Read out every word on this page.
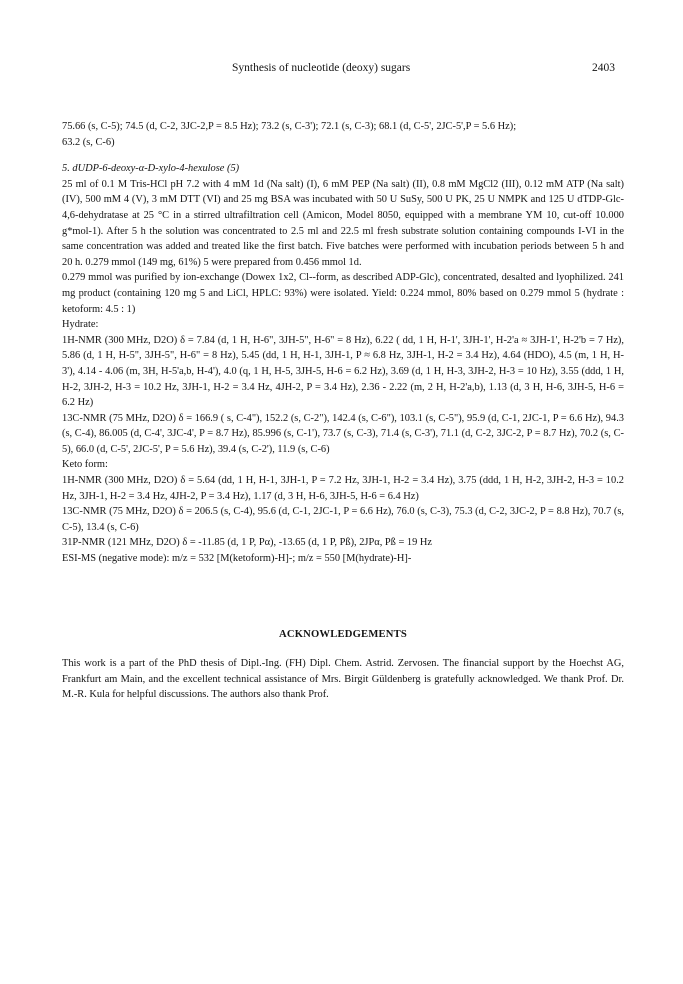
Synthesis of nucleotide (deoxy) sugars	2403

75.66 (s, C-5); 74.5 (d, C-2, 3JC-2,P = 8.5 Hz); 73.2 (s, C-3'); 72.1 (s, C-3); 68.1 (d, C-5', 2JC-5',P = 5.6 Hz);

63.2 (s, C-6)

5. dUDP-6-deoxy-α-D-xylo-4-hexulose (5)

25 ml of 0.1 M Tris-HCl pH 7.2 with 4 mM 1d (Na salt) (I), 6 mM PEP (Na salt) (II), 0.8 mM MgCl2 (III), 0.12 mM ATP (Na salt) (IV), 500 mM 4 (V), 3 mM DTT (VI) and 25 mg BSA was incubated with 50 U SuSy, 500 U PK, 25 U NMPK and 125 U dTDP-Glc-4,6-dehydratase at 25 °C in a stirred ultrafiltration cell (Amicon, Model 8050, equipped with a membrane YM 10, cut-off 10.000 g*mol-1). After 5 h the solution was concentrated to 2.5 ml and 22.5 ml fresh substrate solution containing compounds I-VI in the same concentration was added and treated like the first batch. Five batches were performed with incubation periods between 5 h and 20 h. 0.279 mmol (149 mg, 61%) 5 were prepared from 0.456 mmol 1d.

0.279 mmol was purified by ion-exchange (Dowex 1x2, Cl--form, as described ADP-Glc), concentrated, desalted and lyophilized. 241 mg product (containing 120 mg 5 and LiCl, HPLC: 93%) were isolated. Yield: 0.224 mmol, 80% based on 0.279 mmol 5 (hydrate : ketoform: 4.5 : 1)

Hydrate:

1H-NMR (300 MHz, D2O) δ = 7.84 (d, 1 H, H-6", 3JH-5", H-6" = 8 Hz), 6.22 ( dd, 1 H, H-1', 3JH-1', H-2'a ≈ 3JH-1', H-2'b = 7 Hz), 5.86 (d, 1 H, H-5", 3JH-5", H-6" = 8 Hz), 5.45 (dd, 1 H, H-1, 3JH-1, P ≈ 6.8 Hz, 3JH-1, H-2 = 3.4 Hz), 4.64 (HDO), 4.5 (m, 1 H, H-3'), 4.14 - 4.06 (m, 3H, H-5'a,b, H-4'), 4.0 (q, 1 H, H-5, 3JH-5, H-6 = 6.2 Hz), 3.69 (d, 1 H, H-3, 3JH-2, H-3 = 10 Hz), 3.55 (ddd, 1 H, H-2, 3JH-2, H-3 = 10.2 Hz, 3JH-1, H-2 = 3.4 Hz, 4JH-2, P = 3.4 Hz), 2.36 - 2.22 (m, 2 H, H-2'a,b), 1.13 (d, 3 H, H-6, 3JH-5, H-6 = 6.2 Hz)

13C-NMR (75 MHz, D2O) δ = 166.9 ( s, C-4"), 152.2 (s, C-2"), 142.4 (s, C-6"), 103.1 (s, C-5"), 95.9 (d, C-1, 2JC-1, P = 6.6 Hz), 94.3 (s, C-4), 86.005 (d, C-4', 3JC-4', P = 8.7 Hz), 85.996 (s, C-1'), 73.7 (s, C-3), 71.4 (s, C-3'), 71.1 (d, C-2, 3JC-2, P = 8.7 Hz), 70.2 (s, C-5), 66.0 (d, C-5', 2JC-5', P = 5.6 Hz), 39.4 (s, C-2'), 11.9 (s, C-6)

Keto form:

1H-NMR (300 MHz, D2O) δ = 5.64 (dd, 1 H, H-1, 3JH-1, P = 7.2 Hz, 3JH-1, H-2 = 3.4 Hz), 3.75 (ddd, 1 H, H-2, 3JH-2, H-3 = 10.2 Hz, 3JH-1, H-2 = 3.4 Hz, 4JH-2, P = 3.4 Hz), 1.17 (d, 3 H, H-6, 3JH-5, H-6 = 6.4 Hz)

13C-NMR (75 MHz, D2O) δ = 206.5 (s, C-4), 95.6 (d, C-1, 2JC-1, P = 6.6 Hz), 76.0 (s, C-3), 75.3 (d, C-2, 3JC-2, P = 8.8 Hz), 70.7 (s, C-5), 13.4 (s, C-6)

31P-NMR (121 MHz, D2O) δ = -11.85 (d, 1 P, Pα), -13.65 (d, 1 P, Pß), 2JPα, Pß = 19 Hz

ESI-MS (negative mode): m/z = 532 [M(ketoform)-H]-; m/z = 550 [M(hydrate)-H]-

ACKNOWLEDGEMENTS

This work is a part of the PhD thesis of Dipl.-Ing. (FH) Dipl. Chem. Astrid. Zervosen. The financial support by the Hoechst AG, Frankfurt am Main, and the excellent technical assistance of Mrs. Birgit Güldenberg is gratefully acknowledged. We thank Prof. Dr. M.-R. Kula for helpful discussions. The authors also thank Prof.
